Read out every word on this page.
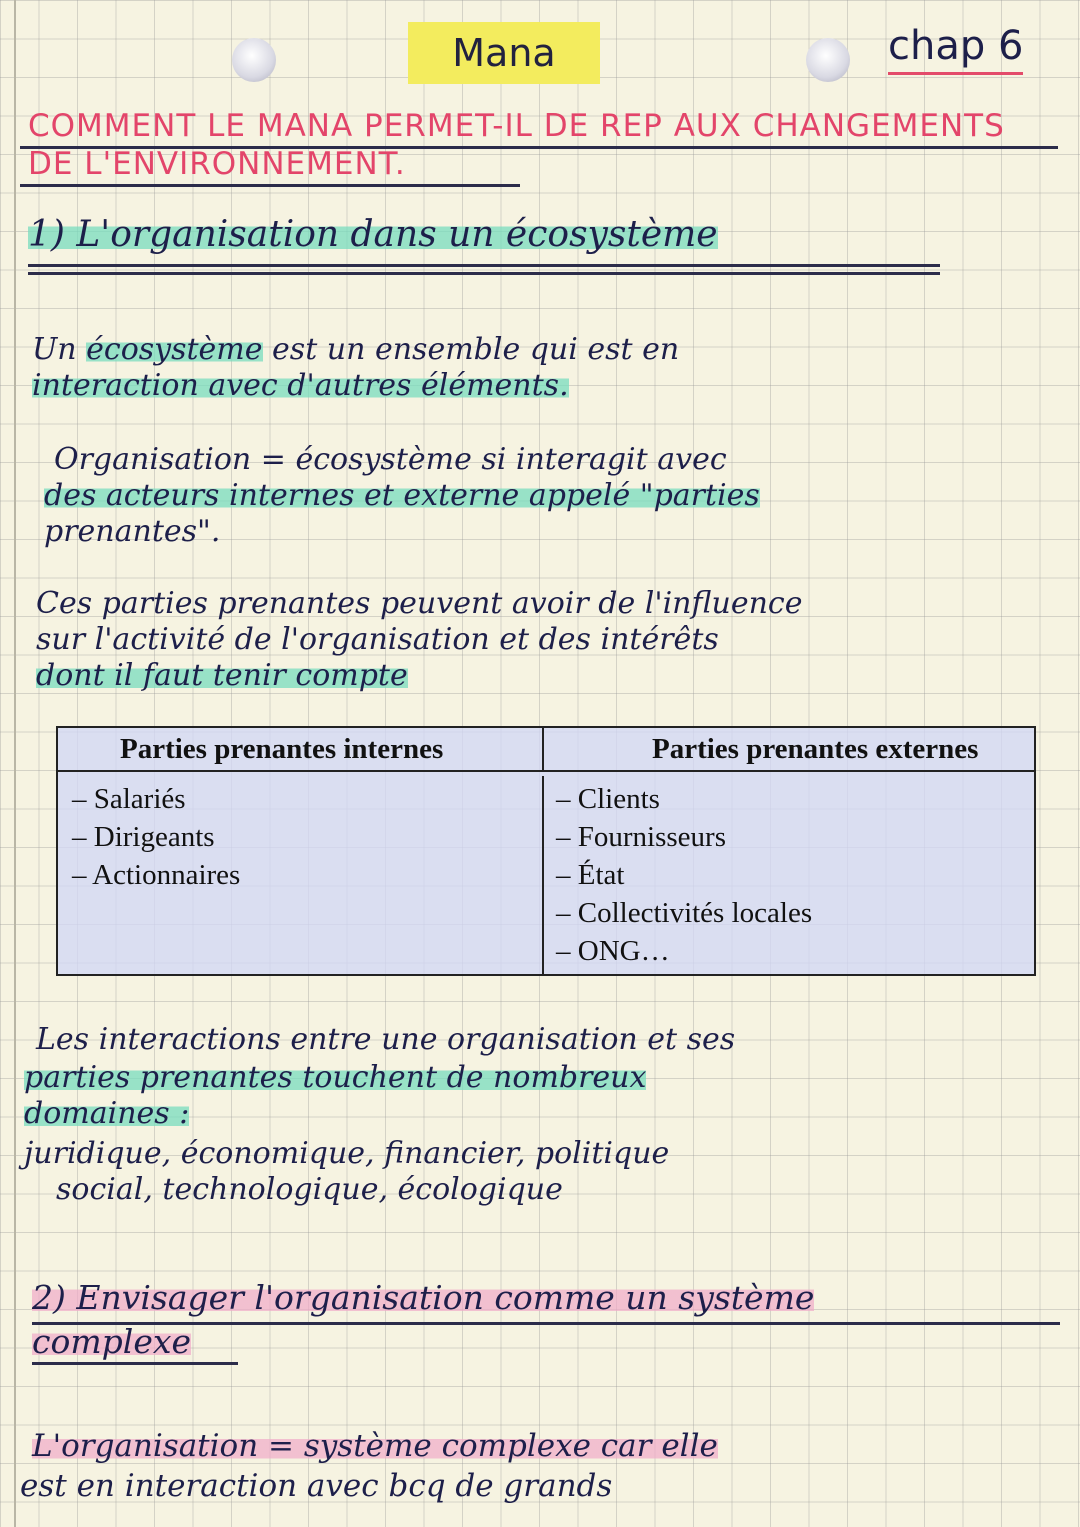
Mana	chap 6
COMMENT LE MANA PERMET-IL DE REP AUX CHANGEMENTS
DE L'ENVIRONNEMENT.
1) L'organisation dans un écosystème
Un écosystème est un ensemble qui est en
interaction avec d'autres éléments.
Organisation = écosystème si interagit avec
des acteurs internes et externe appelé "parties
prenantes".
Ces parties prenantes peuvent avoir de l'influence
sur l'activité de l'organisation et des intérêts
dont il faut tenir compte
Parties prenantes internes	Parties prenantes externes
– Salariés
– Dirigeants
– Actionnaires
– Clients
– Fournisseurs
– État
– Collectivités locales
– ONG…
Les interactions entre une organisation et ses
parties prenantes touchent de nombreux
domaines :
juridique, économique, financier, politique
social, technologique, écologique
2) Envisager l'organisation comme un système
complexe
L'organisation = système complexe car elle
est en interaction avec bcq de grands
